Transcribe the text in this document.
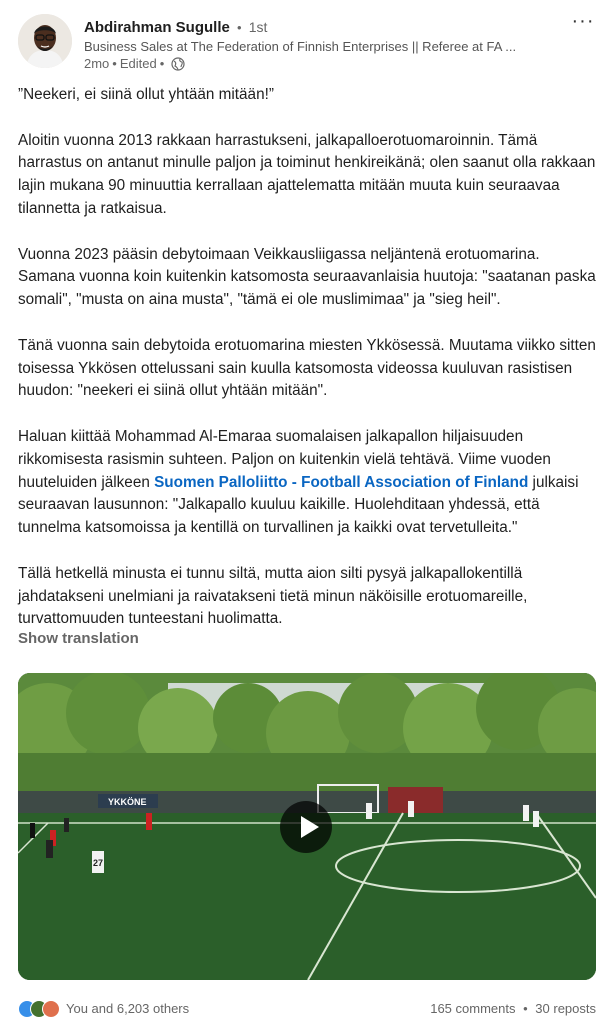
Abdirahman Sugulle • 1st
Business Sales at The Federation of Finnish Enterprises || Referee at FA ...
2mo • Edited •
···

”Neekeri, ei siinä ollut yhtään mitään!”

Aloitin vuonna 2013 rakkaan harrastukseni, jalkapalloerotuomaroinnin. Tämä harrastus on antanut minulle paljon ja toiminut henkireikänä; olen saanut olla rakkaan lajin mukana 90 minuuttia kerrallaan ajattelematta mitään muuta kuin seuraavaa tilannetta ja ratkaisua.

Vuonna 2023 pääsin debytoimaan Veikkausliigassa neljäntenä erotuomarina. Samana vuonna koin kuitenkin katsomosta seuraavanlaisia huutoja: "saatanan paska somali", "musta on aina musta", "tämä ei ole muslimimaa" ja "sieg heil".

Tänä vuonna sain debytoida erotuomarina miesten Ykkösessä. Muutama viikko sitten toisessa Ykkösen ottelussani sain kuulla katsomosta videossa kuuluvan rasistisen huudon: "neekeri ei siinä ollut yhtään mitään".

Haluan kiittää Mohammad Al-Emaraa suomalaisen jalkapallon hiljaisuuden rikkomisesta rasismin suhteen. Paljon on kuitenkin vielä tehtävä. Viime vuoden huuteluiden jälkeen Suomen Palloliitto - Football Association of Finland julkaisi seuraavan lausunnon: "Jalkapallo kuuluu kaikille. Huolehditaan yhdessä, että tunnelma katsomoissa ja kentillä on turvallinen ja kaikki ovat tervetulleita."

Tällä hetkellä minusta ei tunnu siltä, mutta aion silti pysyä jalkapallokentillä jahdatakseni unelmiani ja raivatakseni tietä minun näköisille erotuomareille, turvattomuuden tunteestani huolimatta.

Show translation
YKKÖNE
27
You and 6,203 others	165 comments • 30 reposts
